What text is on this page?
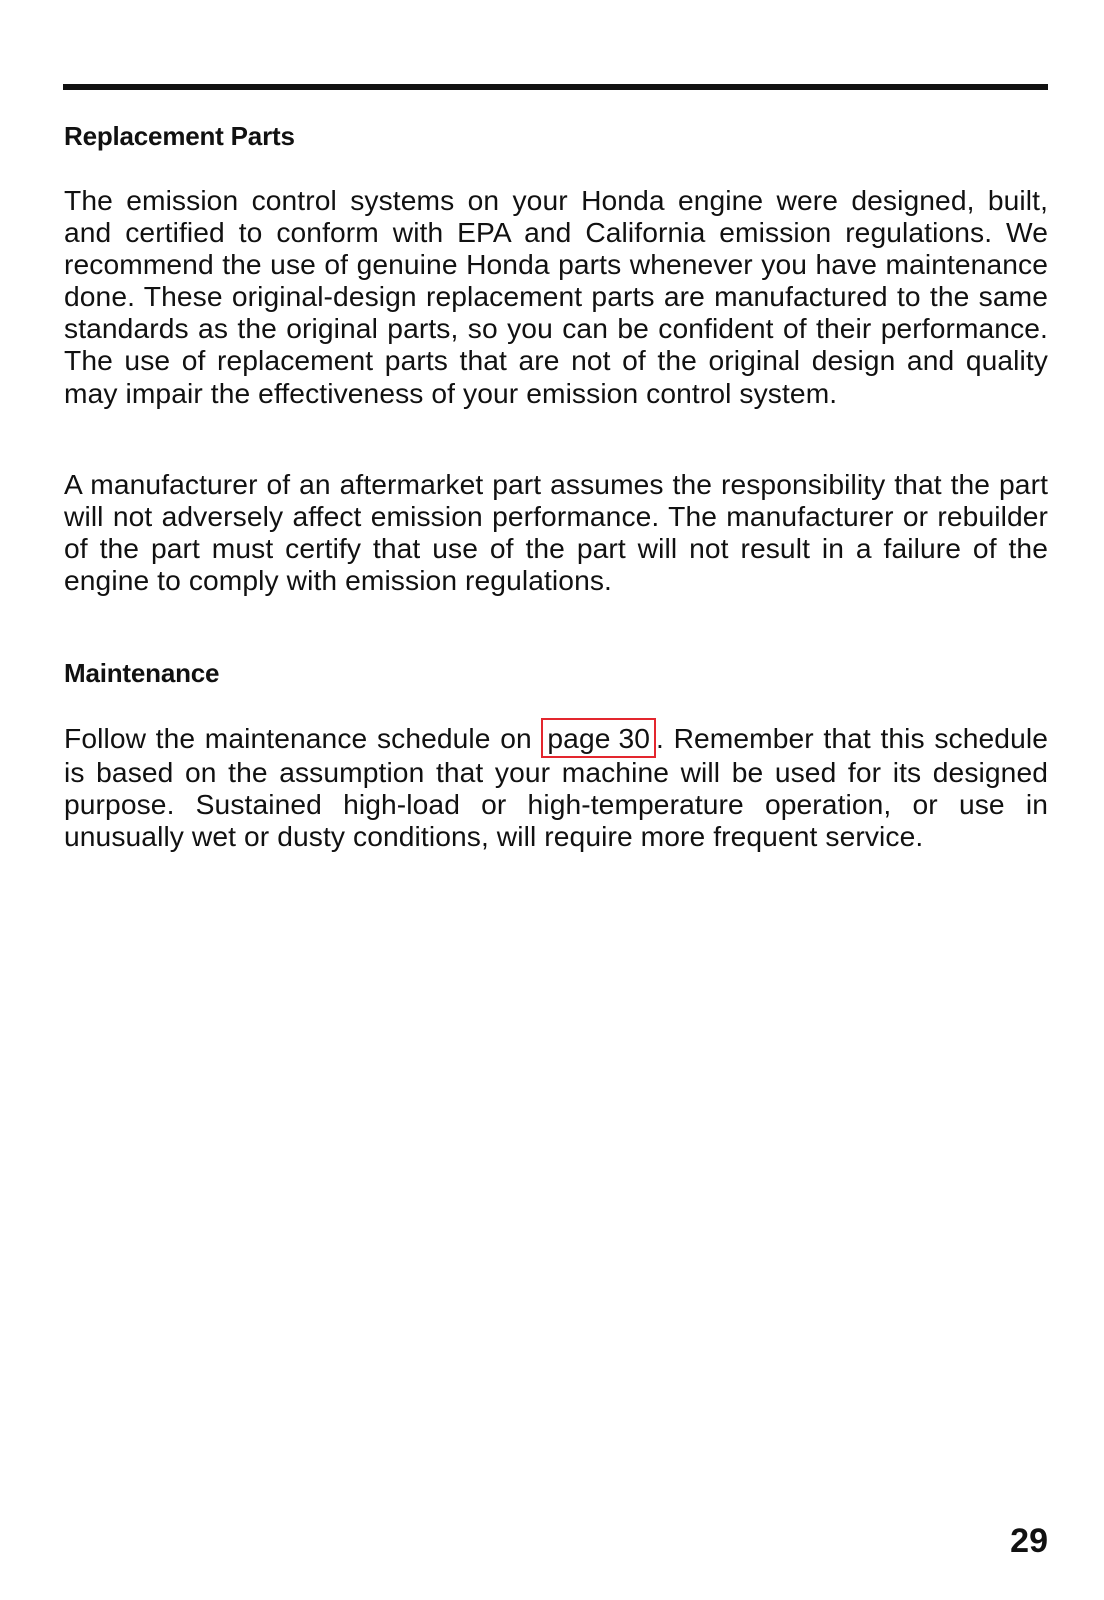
Replacement Parts

The emission control systems on your Honda engine were designed, built, and certified to conform with EPA and California emission regulations. We recommend the use of genuine Honda parts whenever you have maintenance done. These original-design replacement parts are manufactured to the same standards as the original parts, so you can be confident of their performance. The use of replacement parts that are not of the original design and quality may impair the effectiveness of your emission control system.

A manufacturer of an aftermarket part assumes the responsibility that the part will not adversely affect emission performance. The manufacturer or rebuilder of the part must certify that use of the part will not result in a failure of the engine to comply with emission regulations.

Maintenance

Follow the maintenance schedule on page 30 . Remember that this schedule is based on the assumption that your machine will be used for its designed purpose. Sustained high-load or high-temperature operation, or use in unusually wet or dusty conditions, will require more frequent service.

29
